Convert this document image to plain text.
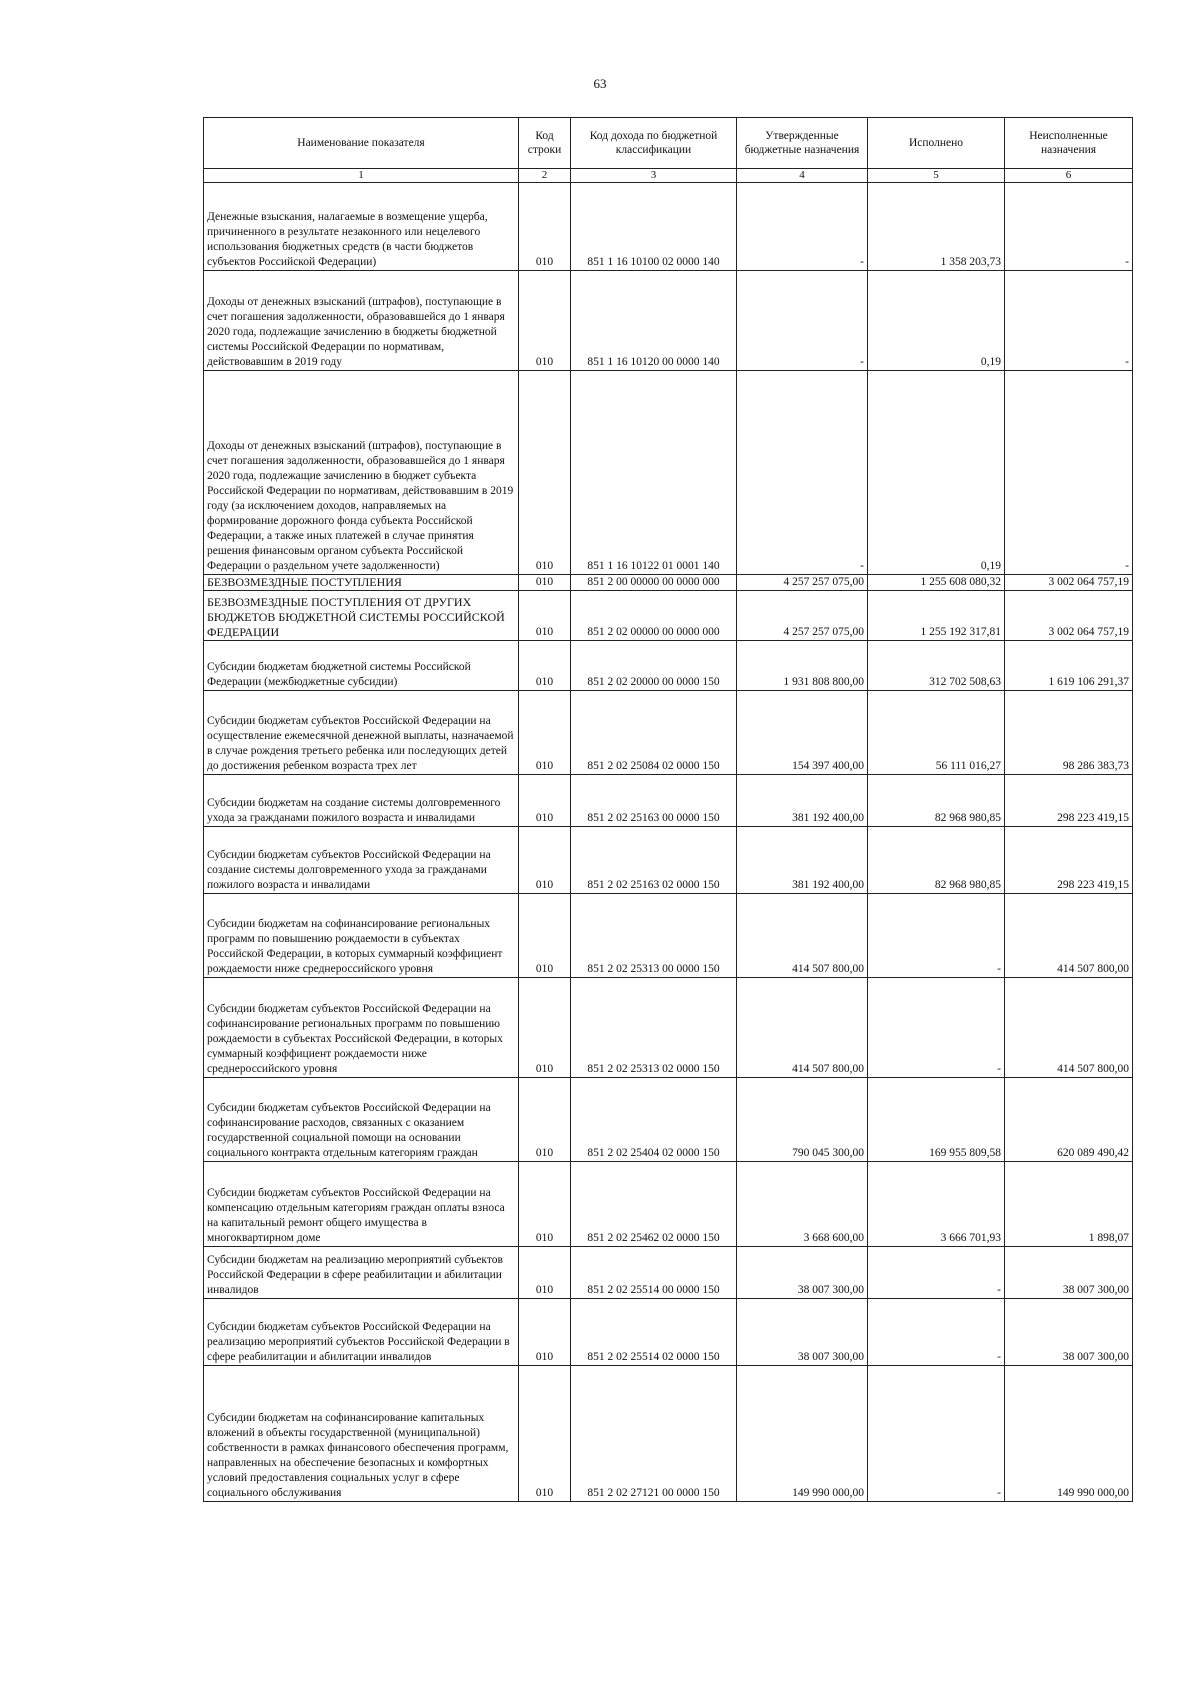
63
Наименование показателя	Код строки	Код дохода по бюджетной классификации	Утвержденные бюджетные назначения	Исполнено	Неисполненные назначения
1	2	3	4	5	6
Денежные взыскания, налагаемые в возмещение ущерба, причиненного в результате незаконного или нецелевого использования бюджетных средств (в части бюджетов субъектов Российской Федерации)	010	851 1 16 10100 02 0000 140	-	1 358 203,73	-
Доходы от денежных взысканий (штрафов), поступающие в счет погашения задолженности, образовавшейся до 1 января 2020 года, подлежащие зачислению в бюджеты бюджетной системы Российской Федерации по нормативам, действовавшим в 2019 году	010	851 1 16 10120 00 0000 140	-	0,19	-
Доходы от денежных взысканий (штрафов), поступающие в счет погашения задолженности, образовавшейся до 1 января 2020 года, подлежащие зачислению в бюджет субъекта Российской Федерации по нормативам, действовавшим в 2019 году (за исключением доходов, направляемых на формирование дорожного фонда субъекта Российской Федерации, а также иных платежей в случае принятия решения финансовым органом субъекта Российской Федерации о раздельном учете задолженности)	010	851 1 16 10122 01 0001 140	-	0,19	-
БЕЗВОЗМЕЗДНЫЕ ПОСТУПЛЕНИЯ	010	851 2 00 00000 00 0000 000	4 257 257 075,00	1 255 608 080,32	3 002 064 757,19
БЕЗВОЗМЕЗДНЫЕ ПОСТУПЛЕНИЯ ОТ ДРУГИХ БЮДЖЕТОВ БЮДЖЕТНОЙ СИСТЕМЫ РОССИЙСКОЙ ФЕДЕРАЦИИ	010	851 2 02 00000 00 0000 000	4 257 257 075,00	1 255 192 317,81	3 002 064 757,19
Субсидии бюджетам бюджетной системы Российской Федерации (межбюджетные субсидии)	010	851 2 02 20000 00 0000 150	1 931 808 800,00	312 702 508,63	1 619 106 291,37
Субсидии бюджетам субъектов Российской Федерации на осуществление ежемесячной денежной выплаты, назначаемой в случае рождения третьего ребенка или последующих детей до достижения ребенком возраста трех лет	010	851 2 02 25084 02 0000 150	154 397 400,00	56 111 016,27	98 286 383,73
Субсидии бюджетам на создание системы долговременного ухода за гражданами пожилого возраста и инвалидами	010	851 2 02 25163 00 0000 150	381 192 400,00	82 968 980,85	298 223 419,15
Субсидии бюджетам субъектов Российской Федерации на создание системы долговременного ухода за гражданами пожилого возраста и инвалидами	010	851 2 02 25163 02 0000 150	381 192 400,00	82 968 980,85	298 223 419,15
Субсидии бюджетам на софинансирование региональных программ по повышению рождаемости в субъектах Российской Федерации, в которых суммарный коэффициент рождаемости ниже среднероссийского уровня	010	851 2 02 25313 00 0000 150	414 507 800,00	-	414 507 800,00
Субсидии бюджетам субъектов Российской Федерации на софинансирование региональных программ по повышению рождаемости в субъектах Российской Федерации, в которых суммарный коэффициент рождаемости ниже среднероссийского уровня	010	851 2 02 25313 02 0000 150	414 507 800,00	-	414 507 800,00
Субсидии бюджетам субъектов Российской Федерации на софинансирование расходов, связанных с оказанием государственной социальной помощи на основании социального контракта отдельным категориям граждан	010	851 2 02 25404 02 0000 150	790 045 300,00	169 955 809,58	620 089 490,42
Субсидии бюджетам субъектов Российской Федерации на компенсацию отдельным категориям граждан оплаты взноса на капитальный ремонт общего имущества в многоквартирном доме	010	851 2 02 25462 02 0000 150	3 668 600,00	3 666 701,93	1 898,07
Субсидии бюджетам на реализацию мероприятий субъектов Российской Федерации в сфере реабилитации и абилитации инвалидов	010	851 2 02 25514 00 0000 150	38 007 300,00	-	38 007 300,00
Субсидии бюджетам субъектов Российской Федерации на реализацию мероприятий субъектов Российской Федерации в сфере реабилитации и абилитации инвалидов	010	851 2 02 25514 02 0000 150	38 007 300,00	-	38 007 300,00
Субсидии бюджетам на софинансирование капитальных вложений в объекты государственной (муниципальной) собственности в рамках финансового обеспечения программ, направленных на обеспечение безопасных и комфортных условий предоставления социальных услуг в сфере социального обслуживания	010	851 2 02 27121 00 0000 150	149 990 000,00	-	149 990 000,00
